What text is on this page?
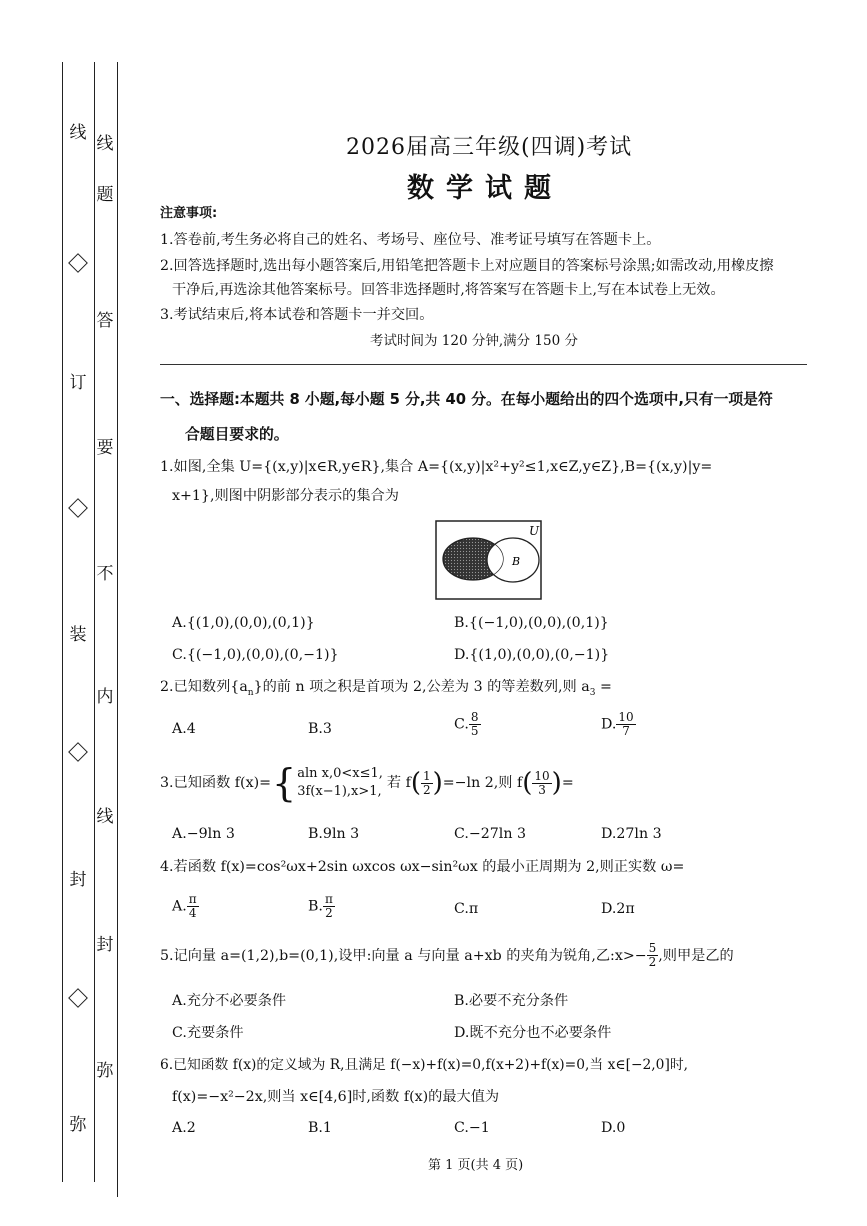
线
题
答
要
不
内
线
封
弥
线
订
装
封
弥
2026届高三年级(四调)考试
数学试题
注意事项:
1.答卷前,考生务必将自己的姓名、考场号、座位号、准考证号填写在答题卡上。
2.回答选择题时,选出每小题答案后,用铅笔把答题卡上对应题目的答案标号涂黑;如需改动,用橡皮擦
干净后,再选涂其他答案标号。回答非选择题时,将答案写在答题卡上,写在本试卷上无效。
3.考试结束后,将本试卷和答题卡一并交回。
考试时间为 120 分钟,满分 150 分
一、选择题:本题共 8 小题,每小题 5 分,共 40 分。在每小题给出的四个选项中,只有一项是符
合题目要求的。
1.如图,全集 U={(x,y)|x∈R,y∈R},集合 A={(x,y)|x²+y²≤1,x∈Z,y∈Z},B={(x,y)|y=
x+1},则图中阴影部分表示的集合为
U
B
A.{(1,0),(0,0),(0,1)}	B.{(−1,0),(0,0),(0,1)}
C.{(−1,0),(0,0),(0,−1)}	D.{(1,0),(0,0),(0,−1)}
2.已知数列$\{a_n\}$的前 n 项之积是首项为 2,公差为 3 的等差数列,则 $a_3$ =
A.4	B.3	C. $\frac{8}{5}$	D. $\frac{10}{7}$
3.已知函数 f(x)= { aln x,0<x≤1,
3f(x−1),x>1,
若 f ( $\frac{1}{2}$ ) =−ln 2,则 f ( $\frac{10}{3}$ ) =
A.−9ln 3	B.9ln 3	C.−27ln 3	D.27ln 3
4.若函数 f(x)=cos²ωx+2sin ωxcos ωx−sin²ωx 的最小正周期为 2,则正实数 ω=
A. $\frac{\pi}{4}$	B. $\frac{\pi}{2}$	C.π	D.2π
5.记向量 a=(1,2),b=(0,1),设甲:向量 a 与向量 a+xb 的夹角为锐角,乙:x>− $\frac{5}{2}$ ,则甲是乙的
A.充分不必要条件	B.必要不充分条件
C.充要条件	D.既不充分也不必要条件
6.已知函数 f(x)的定义域为 R,且满足 f(−x)+f(x)=0,f(x+2)+f(x)=0,当 x∈[−2,0]时,
f(x)=−x²−2x,则当 x∈[4,6]时,函数 f(x)的最大值为
A.2	B.1	C.−1	D.0
第 1 页(共 4 页)
